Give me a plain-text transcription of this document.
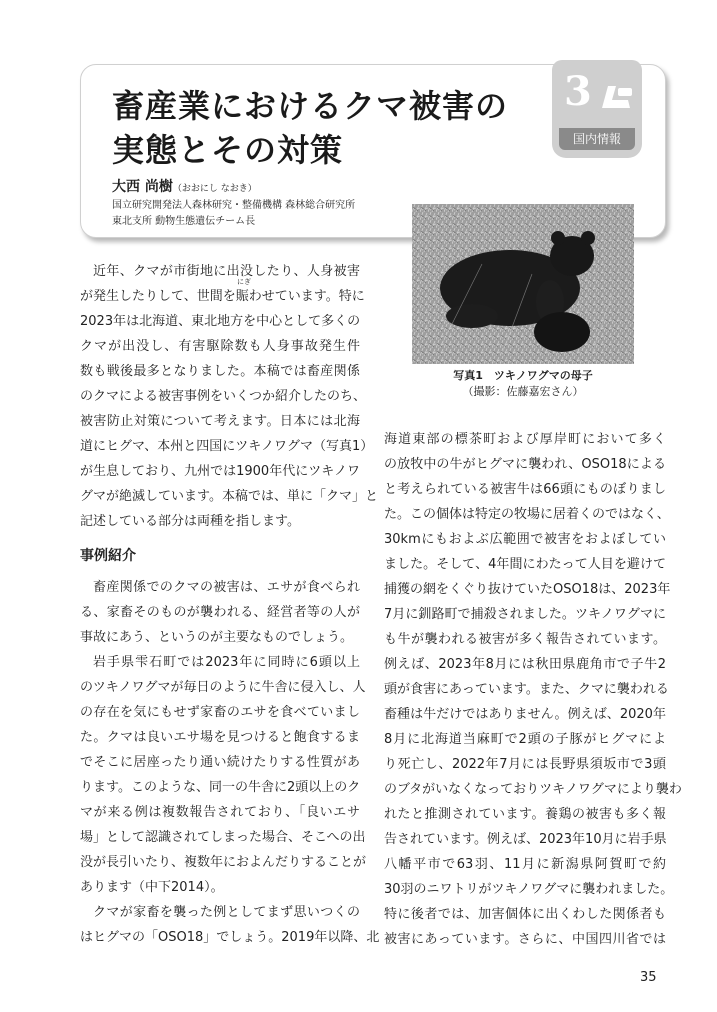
畜産業におけるクマ被害の
実態とその対策
大西 尚樹（おおにし なおき）
国立研究開発法人森林研究・整備機構 森林総合研究所
東北支所 動物生態遺伝チーム長
3
国内情報
写真1　ツキノワグマの母子
（撮影：佐藤嘉宏さん）
にぎ

近年、クマが市街地に出没したり、人身被害
が発生したりして、世間を賑わせています。特に
2023年は北海道、東北地方を中心として多くの
クマが出没し、有害駆除数も人身事故発生件
数も戦後最多となりました。本稿では畜産関係
のクマによる被害事例をいくつか紹介したのち、
被害防止対策について考えます。日本には北海
道にヒグマ、本州と四国にツキノワグマ（写真1）
が生息しており、九州では1900年代にツキノワ
グマが絶滅しています。本稿では、単に「クマ」と
記述している部分は両種を指します。

事例紹介

畜産関係でのクマの被害は、エサが食べられ
る、家畜そのものが襲われる、経営者等の人が
事故にあう、というのが主要なものでしょう。

岩手県雫石町では2023年に同時に6頭以上
のツキノワグマが毎日のように牛舎に侵入し、人
の存在を気にもせず家畜のエサを食べていまし
た。クマは良いエサ場を見つけると飽食するま
でそこに居座ったり通い続けたりする性質があ
ります。このような、同一の牛舎に2頭以上のク
マが来る例は複数報告されており、「良いエサ
場」として認識されてしまった場合、そこへの出
没が長引いたり、複数年におよんだりすることが
あります（中下2014）。

クマが家畜を襲った例としてまず思いつくの
はヒグマの「OSO18」でしょう。2019年以降、北

海道東部の標茶町および厚岸町において多く
の放牧中の牛がヒグマに襲われ、OSO18による
と考えられている被害牛は66頭にものぼりまし
た。この個体は特定の牧場に居着くのではなく、
30kmにもおよぶ広範囲で被害をおよぼしてい
ました。そして、4年間にわたって人目を避けて
捕獲の網をくぐり抜けていたOSO18は、2023年
7月に釧路町で捕殺されました。ツキノワグマに
も牛が襲われる被害が多く報告されています。
例えば、2023年8月には秋田県鹿角市で子牛2
頭が食害にあっています。また、クマに襲われる
畜種は牛だけではありません。例えば、2020年
8月に北海道当麻町で2頭の子豚がヒグマによ
り死亡し、2022年7月には長野県須坂市で3頭
のブタがいなくなっておりツキノワグマにより襲わ
れたと推測されています。養鶏の被害も多く報
告されています。例えば、2023年10月に岩手県
八幡平市で63羽、11月に新潟県阿賀町で約
30羽のニワトリがツキノワグマに襲われました。
特に後者では、加害個体に出くわした関係者も
被害にあっています。さらに、中国四川省では

35
